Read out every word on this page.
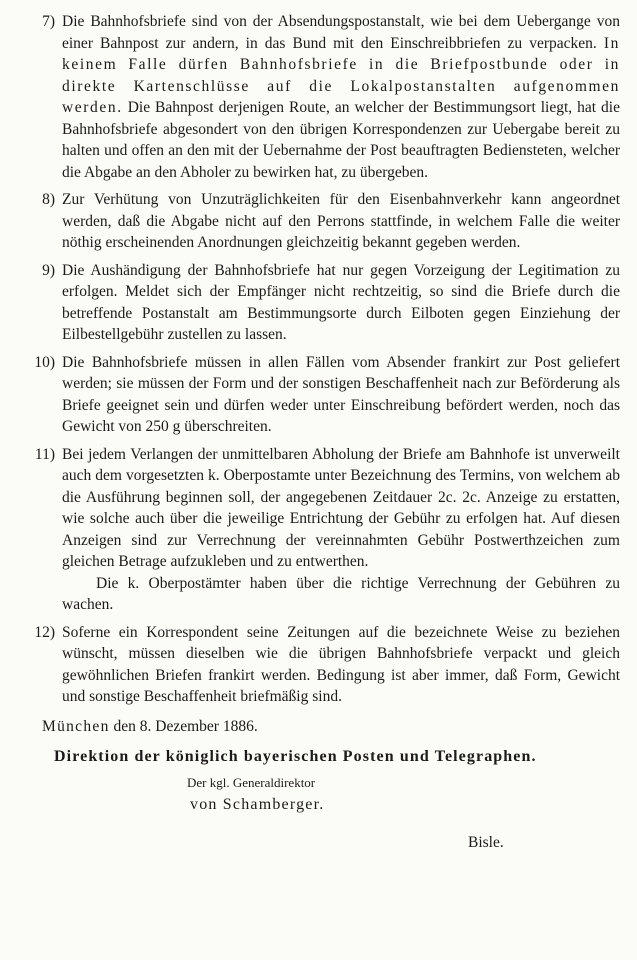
7) Die Bahnhofsbriefe sind von der Absendungspostanstalt, wie bei dem Uebergange von einer Bahnpost zur andern, in das Bund mit den Einschreibbriefen zu verpacken. In keinem Falle dürfen Bahnhofsbriefe in die Briefpostbunde oder in direkte Kartenschlüsse auf die Lokalpostanstalten aufgenommen werden. Die Bahnpost derjenigen Route, an welcher der Bestimmungsort liegt, hat die Bahnhofsbriefe abgesondert von den übrigen Korrespondenzen zur Uebergabe bereit zu halten und offen an den mit der Uebernahme der Post beauftragten Bediensteten, welcher die Abgabe an den Abholer zu bewirken hat, zu übergeben.

8) Zur Verhütung von Unzuträglichkeiten für den Eisenbahnverkehr kann angeordnet werden, daß die Abgabe nicht auf den Perrons stattfinde, in welchem Falle die weiter nöthig erscheinenden Anordnungen gleichzeitig bekannt gegeben werden.

9) Die Aushändigung der Bahnhofsbriefe hat nur gegen Vorzeigung der Legitimation zu erfolgen. Meldet sich der Empfänger nicht rechtzeitig, so sind die Briefe durch die betreffende Postanstalt am Bestimmungsorte durch Eilboten gegen Einziehung der Eilbestellgebühr zustellen zu lassen.

10) Die Bahnhofsbriefe müssen in allen Fällen vom Absender frankirt zur Post geliefert werden; sie müssen der Form und der sonstigen Beschaffenheit nach zur Beförderung als Briefe geeignet sein und dürfen weder unter Einschreibung befördert werden, noch das Gewicht von 250 g überschreiten.

11) Bei jedem Verlangen der unmittelbaren Abholung der Briefe am Bahnhofe ist unverweilt auch dem vorgesetzten k. Oberpostamte unter Bezeichnung des Termins, von welchem ab die Ausführung beginnen soll, der angegebenen Zeitdauer 2c. 2c. Anzeige zu erstatten, wie solche auch über die jeweilige Entrichtung der Gebühr zu erfolgen hat. Auf diesen Anzeigen sind zur Verrechnung der vereinnahmten Gebühr Postwerthzeichen zum gleichen Betrage aufzukleben und zu entwerthen.

Die k. Oberpostämter haben über die richtige Verrechnung der Gebühren zu wachen.

12) Soferne ein Korrespondent seine Zeitungen auf die bezeichnete Weise zu beziehen wünscht, müssen dieselben wie die übrigen Bahnhofsbriefe verpackt und gleich gewöhnlichen Briefen frankirt werden. Bedingung ist aber immer, daß Form, Gewicht und sonstige Beschaffenheit briefmäßig sind.

München den 8. Dezember 1886.

Direktion der königlich bayerischen Posten und Telegraphen.

Der kgl. Generaldirektor

von Schamberger.

Bisle.
